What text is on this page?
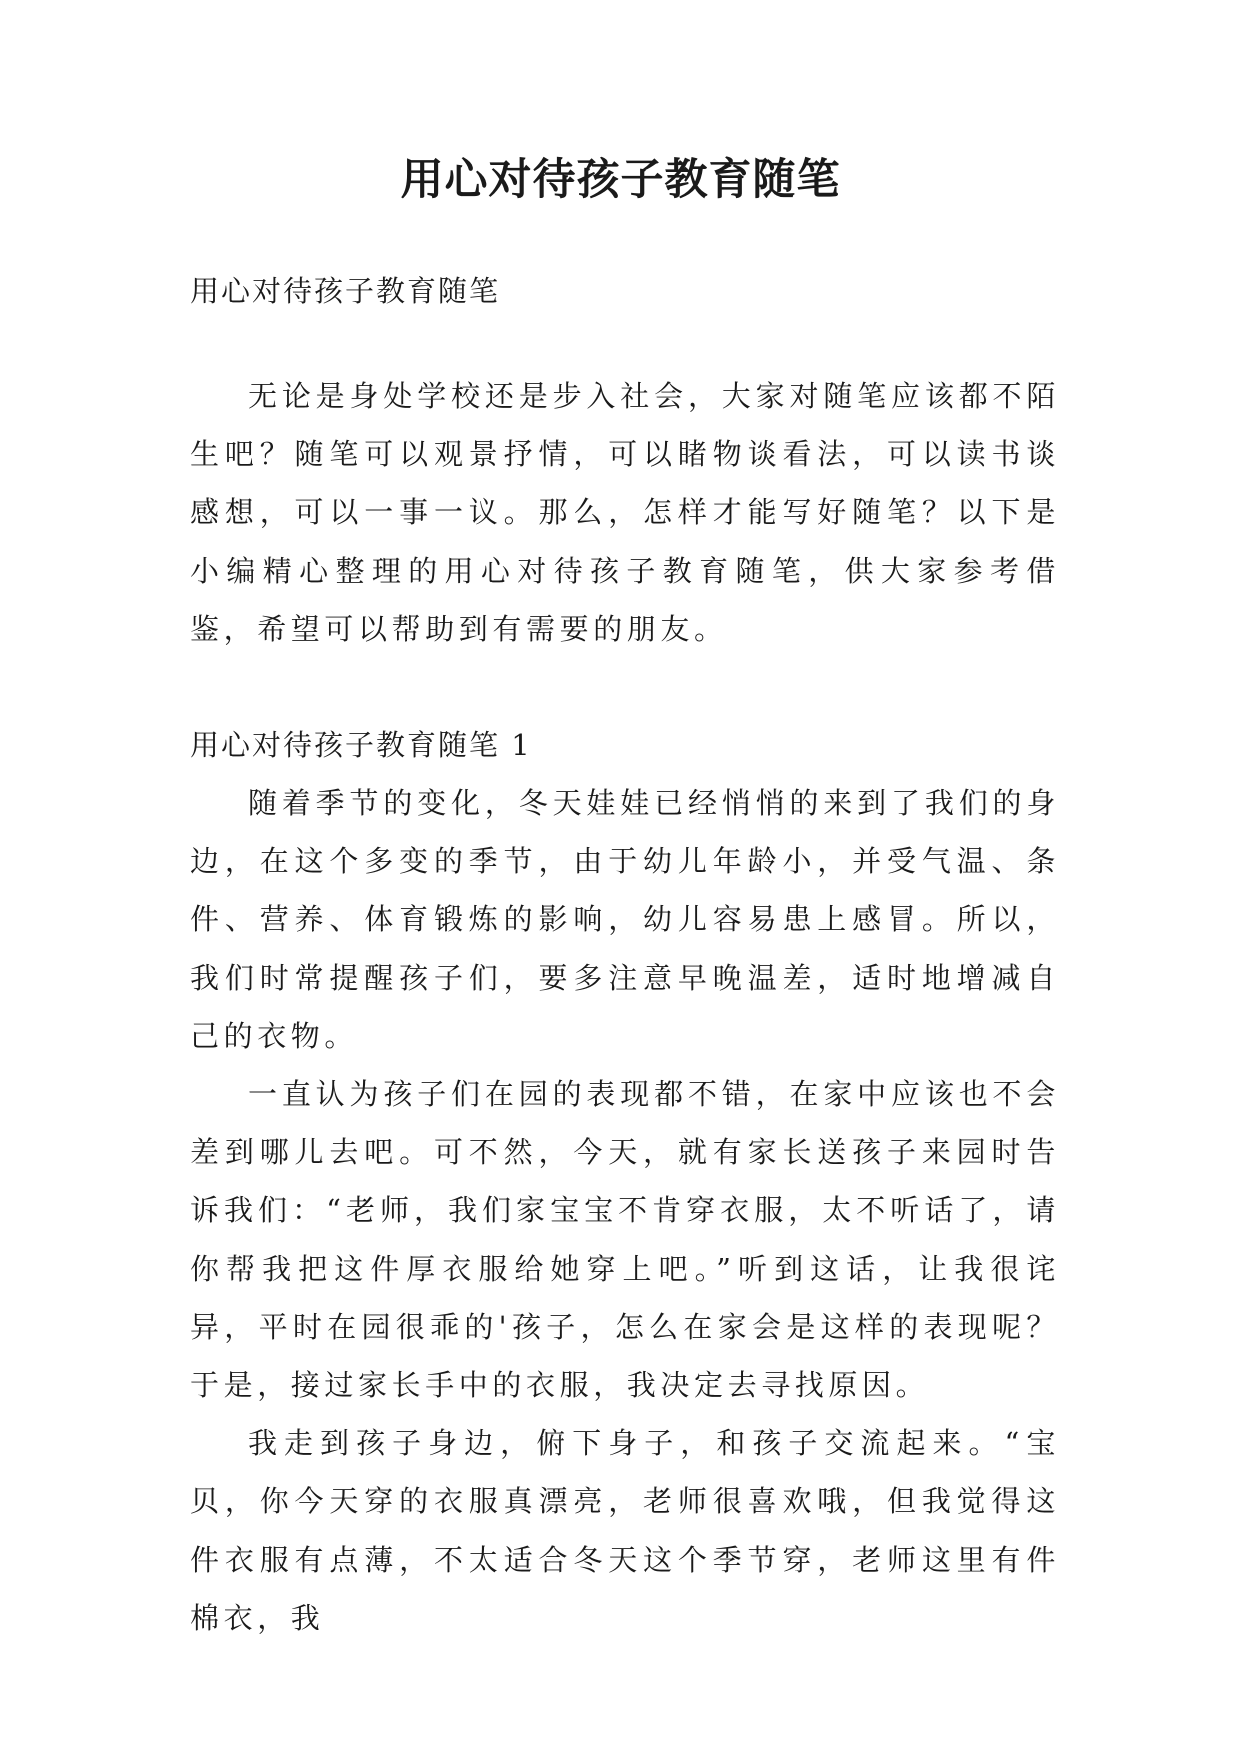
用心对待孩子教育随笔

用心对待孩子教育随笔

无论是身处学校还是步入社会，大家对随笔应该都不陌生吧？随笔可以观景抒情，可以睹物谈看法，可以读书谈感想，可以一事一议。那么，怎样才能写好随笔？以下是小编精心整理的用心对待孩子教育随笔，供大家参考借鉴，希望可以帮助到有需要的朋友。

用心对待孩子教育随笔 1

随着季节的变化，冬天娃娃已经悄悄的来到了我们的身边，在这个多变的季节，由于幼儿年龄小，并受气温、条件、营养、体育锻炼的影响，幼儿容易患上感冒。所以，我们时常提醒孩子们，要多注意早晚温差，适时地增减自己的衣物。

一直认为孩子们在园的表现都不错，在家中应该也不会差到哪儿去吧。可不然，今天，就有家长送孩子来园时告诉我们：“老师，我们家宝宝不肯穿衣服，太不听话了，请你帮我把这件厚衣服给她穿上吧。”听到这话，让我很诧异，平时在园很乖的'孩子，怎么在家会是这样的表现呢？于是，接过家长手中的衣服，我决定去寻找原因。

我走到孩子身边，俯下身子，和孩子交流起来。“宝贝，你今天穿的衣服真漂亮，老师很喜欢哦，但我觉得这件衣服有点薄，不太适合冬天这个季节穿，老师这里有件棉衣，我
